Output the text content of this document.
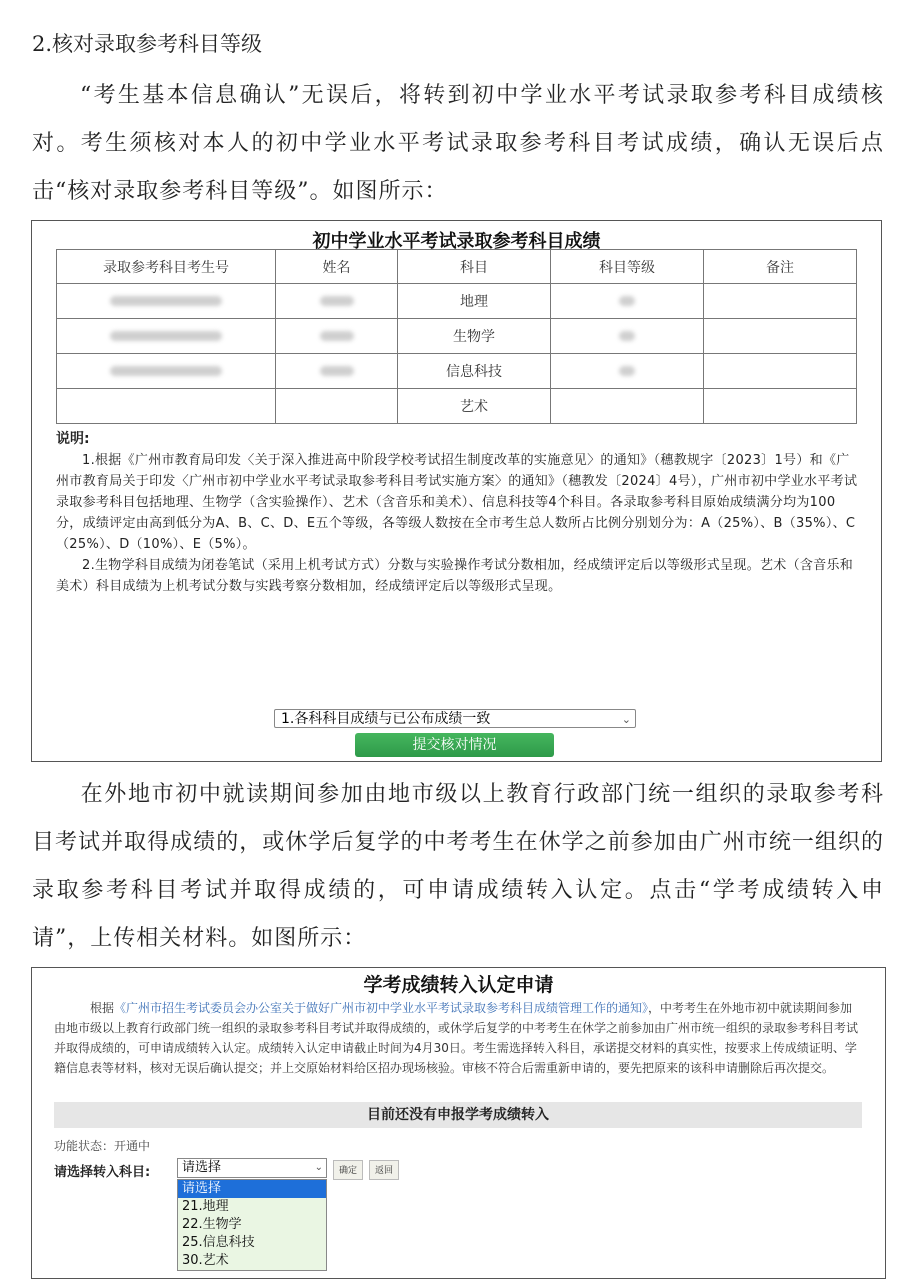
2.核对录取参考科目等级
“考生基本信息确认”无误后，将转到初中学业水平考试录取参考科目成绩核对。考生须核对本人的初中学业水平考试录取参考科目考试成绩，确认无误后点击“核对录取参考科目等级”。如图所示：
初中学业水平考试录取参考科目成绩
录取参考科目考生号	姓名	科目	科目等级	备注
		地理		
		生物学		
		信息科技		
		艺术		
说明:

1.根据《广州市教育局印发〈关于深入推进高中阶段学校考试招生制度改革的实施意见〉的通知》（穗教规字〔2023〕1号）和《广州市教育局关于印发〈广州市初中学业水平考试录取参考科目考试实施方案〉的通知》（穗教发〔2024〕4号），广州市初中学业水平考试录取参考科目包括地理、生物学（含实验操作）、艺术（含音乐和美术）、信息科技等4个科目。各录取参考科目原始成绩满分均为100分，成绩评定由高到低分为A、B、C、D、E五个等级，各等级人数按在全市考生总人数所占比例分别划分为：A（25%）、B（35%）、C（25%）、D（10%）、E（5%）。

2.生物学科目成绩为闭卷笔试（采用上机考试方式）分数与实验操作考试分数相加，经成绩评定后以等级形式呈现。艺术（含音乐和美术）科目成绩为上机考试分数与实践考察分数相加，经成绩评定后以等级形式呈现。

1.各科科目成绩与已公布成绩一致	⌄
提交核对情况
在外地市初中就读期间参加由地市级以上教育行政部门统一组织的录取参考科目考试并取得成绩的，或休学后复学的中考考生在休学之前参加由广州市统一组织的录取参考科目考试并取得成绩的，可申请成绩转入认定。点击“学考成绩转入申请”，上传相关材料。如图所示：
学考成绩转入认定申请
根据《广州市招生考试委员会办公室关于做好广州市初中学业水平考试录取参考科目成绩管理工作的通知》，中考考生在外地市初中就读期间参加由地市级以上教育行政部门统一组织的录取参考科目考试并取得成绩的，或休学后复学的中考考生在休学之前参加由广州市统一组织的录取参考科目考试并取得成绩的，可申请成绩转入认定。成绩转入认定申请截止时间为4月30日。考生需选择转入科目，承诺提交材料的真实性，按要求上传成绩证明、学籍信息表等材料，核对无误后确认提交；并上交原始材料给区招办现场核验。审核不符合后需重新申请的，要先把原来的该科申请删除后再次提交。
目前还没有申报学考成绩转入
功能状态：开通中
请选择转入科目:	请选择	⌄	确定	返回
请选择
21.地理
22.生物学
25.信息科技
30.艺术
